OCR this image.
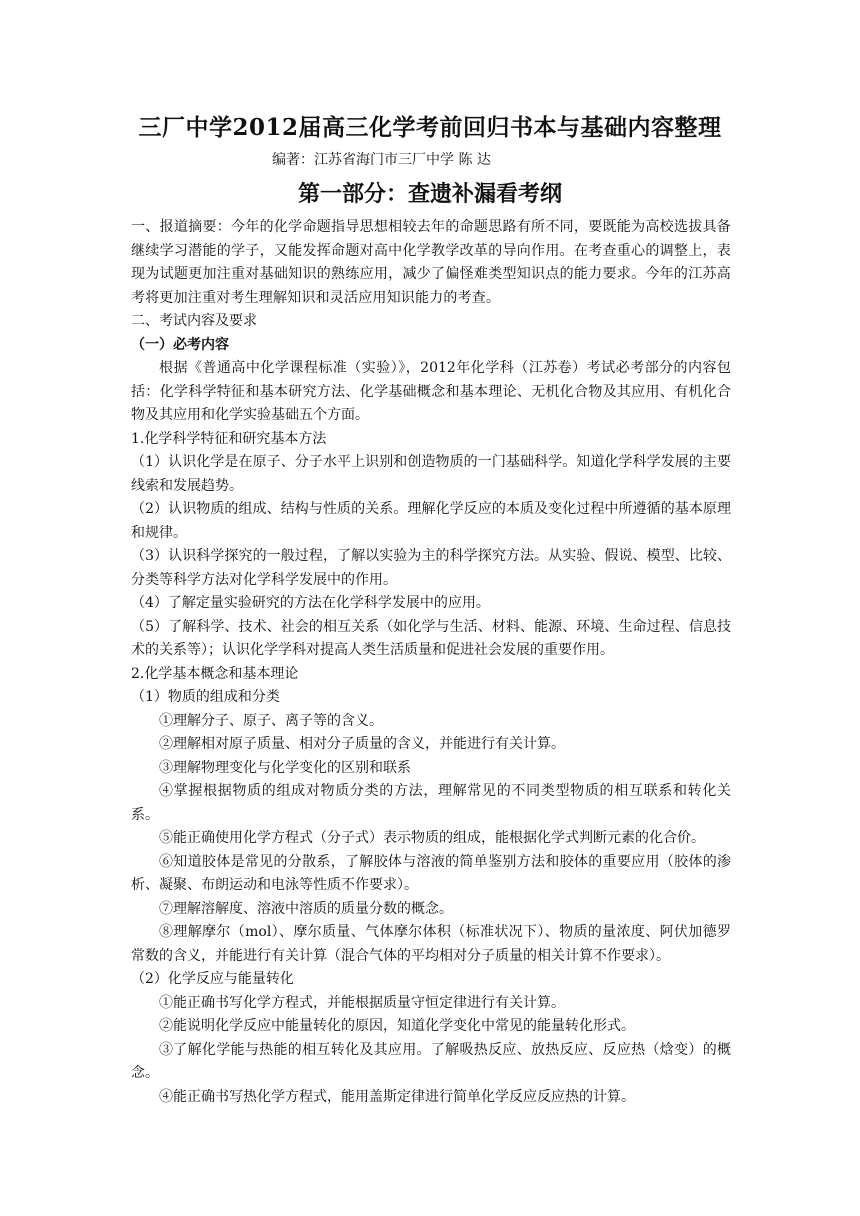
三厂中学2012届高三化学考前回归书本与基础内容整理
编著：江苏省海门市三厂中学 陈 达
第一部分：查遗补漏看考纲

一、报道摘要：今年的化学命题指导思想相较去年的命题思路有所不同，要既能为高校选拔具备继续学习潜能的学子，又能发挥命题对高中化学教学改革的导向作用。在考查重心的调整上，表现为试题更加注重对基础知识的熟练应用，减少了偏怪难类型知识点的能力要求。今年的江苏高考将更加注重对考生理解知识和灵活应用知识能力的考查。

二、考试内容及要求

（一）必考内容

根据《普通高中化学课程标准（实验）》，2012年化学科（江苏卷）考试必考部分的内容包括：化学科学特征和基本研究方法、化学基础概念和基本理论、无机化合物及其应用、有机化合物及其应用和化学实验基础五个方面。

1.化学科学特征和研究基本方法

（1）认识化学是在原子、分子水平上识别和创造物质的一门基础科学。知道化学科学发展的主要线索和发展趋势。

（2）认识物质的组成、结构与性质的关系。理解化学反应的本质及变化过程中所遵循的基本原理和规律。

（3）认识科学探究的一般过程，了解以实验为主的科学探究方法。从实验、假说、模型、比较、分类等科学方法对化学科学发展中的作用。

（4）了解定量实验研究的方法在化学科学发展中的应用。

（5）了解科学、技术、社会的相互关系（如化学与生活、材料、能源、环境、生命过程、信息技术的关系等）；认识化学学科对提高人类生活质量和促进社会发展的重要作用。

2.化学基本概念和基本理论

（1）物质的组成和分类

①理解分子、原子、离子等的含义。

②理解相对原子质量、相对分子质量的含义，并能进行有关计算。

③理解物理变化与化学变化的区别和联系

④掌握根据物质的组成对物质分类的方法，理解常见的不同类型物质的相互联系和转化关系。

⑤能正确使用化学方程式（分子式）表示物质的组成，能根据化学式判断元素的化合价。

⑥知道胶体是常见的分散系，了解胶体与溶液的简单鉴别方法和胶体的重要应用（胶体的渗析、凝聚、布朗运动和电泳等性质不作要求）。

⑦理解溶解度、溶液中溶质的质量分数的概念。

⑧理解摩尔（mol）、摩尔质量、气体摩尔体积（标准状况下）、物质的量浓度、阿伏加德罗常数的含义，并能进行有关计算（混合气体的平均相对分子质量的相关计算不作要求）。

（2）化学反应与能量转化

①能正确书写化学方程式，并能根据质量守恒定律进行有关计算。

②能说明化学反应中能量转化的原因，知道化学变化中常见的能量转化形式。

③了解化学能与热能的相互转化及其应用。了解吸热反应、放热反应、反应热（焓变）的概念。

④能正确书写热化学方程式，能用盖斯定律进行简单化学反应反应热的计算。
